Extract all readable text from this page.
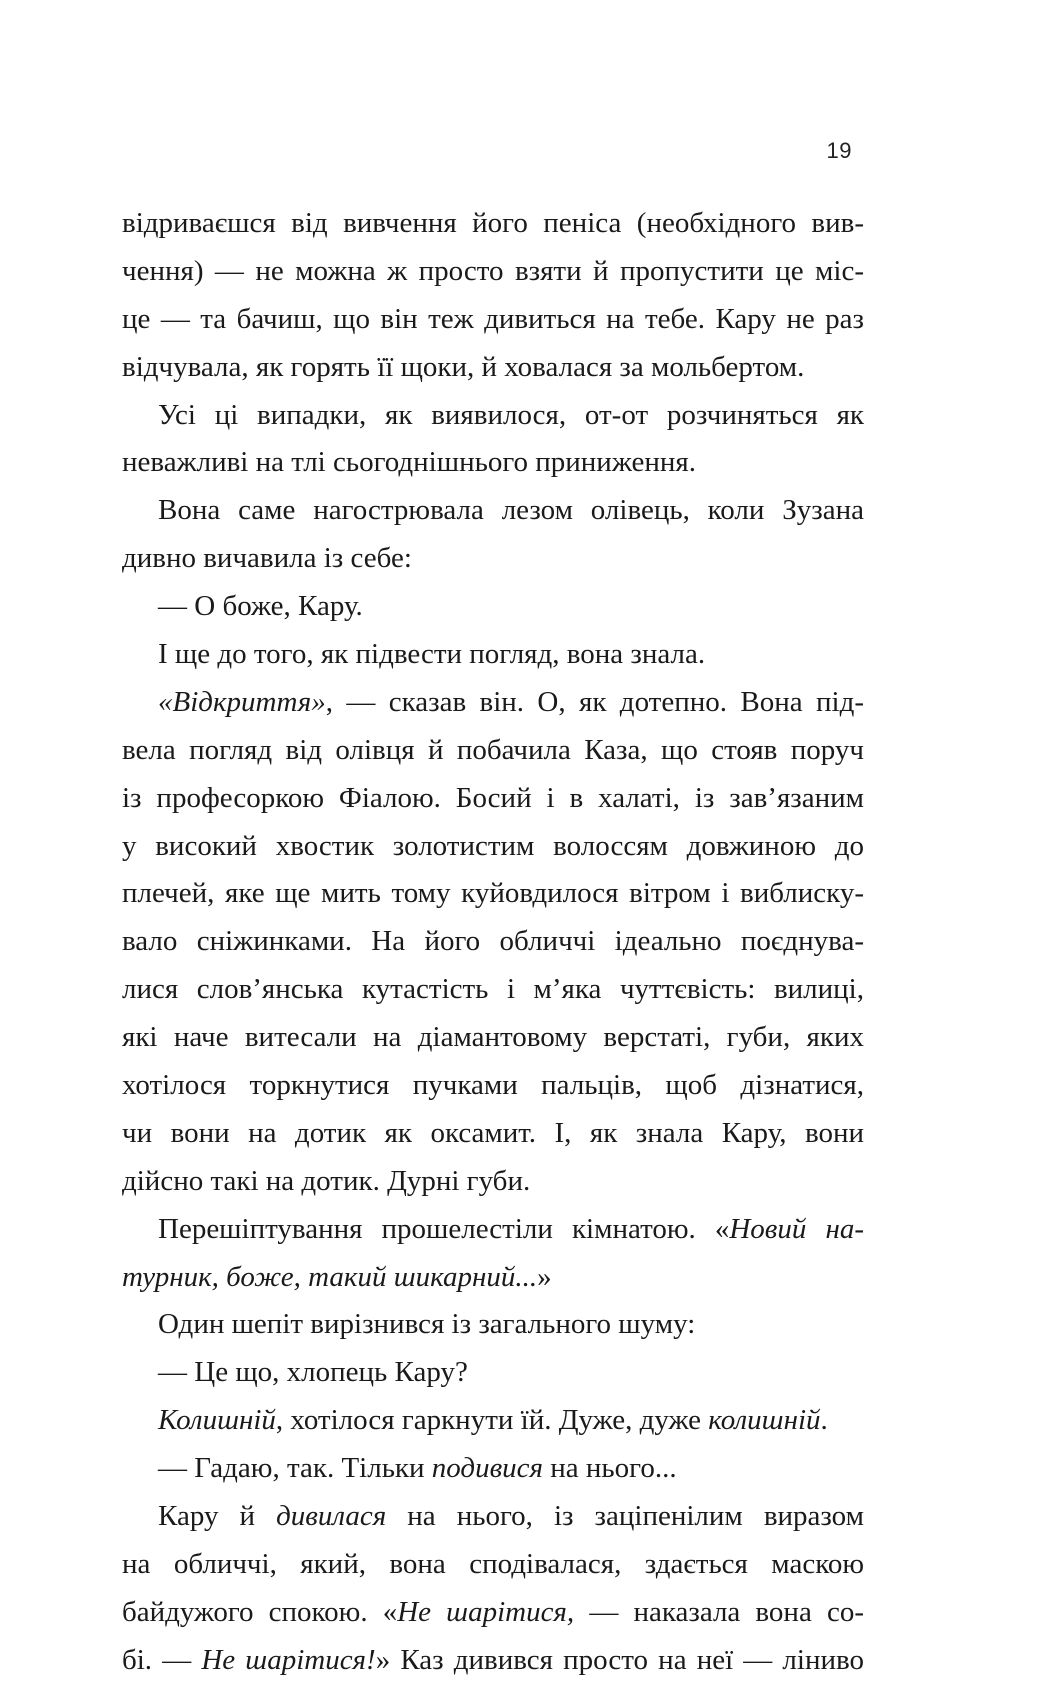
19
відриваєшся від вивчення його пеніса (необхідного вив-
чення) — не можна ж просто взяти й пропустити це міс-
це — та бачиш, що він теж дивиться на тебе. Кару не раз
відчувала, як горять її щоки, й ховалася за мольбертом.
Усі ці випадки, як виявилося, от-от розчиняться як
неважливі на тлі сьогоднішнього приниження.
Вона саме нагострювала лезом олівець, коли Зузана
дивно вичавила із себе:
— О боже, Кару.
І ще до того, як підвести погляд, вона знала.
«Відкриття», — сказав він. О, як дотепно. Вона під-
вела погляд від олівця й побачила Каза, що стояв поруч
із професоркою Фіалою. Босий і в халаті, із зав’язаним
у високий хвостик золотистим волоссям довжиною до
плечей, яке ще мить тому куйовдилося вітром і виблиску-
вало сніжинками. На його обличчі ідеально поєднува-
лися слов’янська кутастість і м’яка чуттєвість: вилиці,
які наче витесали на діамантовому верстаті, губи, яких
хотілося торкнутися пучками пальців, щоб дізнатися,
чи вони на дотик як оксамит. І, як знала Кару, вони
дійсно такі на дотик. Дурні губи.
Перешіптування прошелестіли кімнатою. «Новий на-
турник, боже, такий шикарний...»
Один шепіт вирізнився із загального шуму:
— Це що, хлопець Кару?
Колишній, хотілося гаркнути їй. Дуже, дуже колишній.
— Гадаю, так. Тільки подивися на нього...
Кару й дивилася на нього, із заціпенілим виразом
на обличчі, який, вона сподівалася, здається маскою
байдужого спокою. «Не шарітися, — наказала вона со-
бі. — Не шарітися!» Каз дивився просто на неї — ліниво
